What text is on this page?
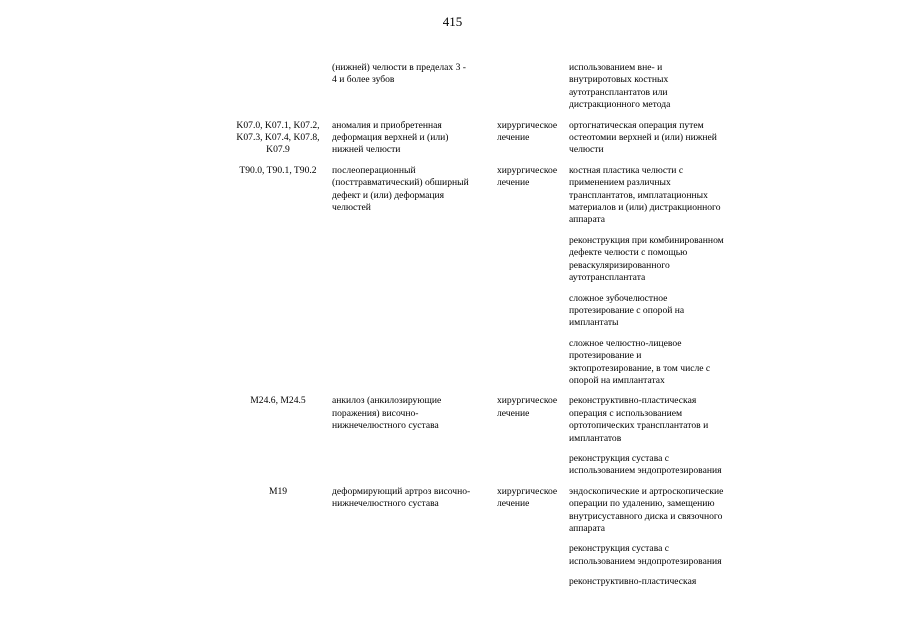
415

	(нижней) челюсти в пределах 3 -
4 и более зубов		использованием вне- и
внутриротовых костных
аутотрансплантатов или
дистракционного метода

K07.0, K07.1, K07.2,
K07.3, K07.4, K07.8,
K07.9	аномалия и приобретенная
деформация верхней и (или)
нижней челюсти	хирургическое
лечение	ортогнатическая операция путем
остеотомии верхней и (или) нижней
челюсти

T90.0, T90.1, T90.2	послеоперационный
(посттравматический) обширный
дефект и (или) деформация
челюстей	хирургическое
лечение	костная пластика челюсти с
применением различных
трансплантатов, имплатационных
материалов и (или) дистракционного
аппарата

			реконструкция при комбинированном
дефекте челюсти с помощью
реваскуляризированного
аутотрансплантата

			сложное зубочелюстное
протезирование с опорой на
имплантаты

			сложное челюстно-лицевое
протезирование и
эктопротезирование, в том числе с
опорой на имплантатах

M24.6, M24.5	анкилоз (анкилозирующие
поражения) височно-
нижнечелюстного сустава	хирургическое
лечение	реконструктивно-пластическая
операция с использованием
ортотопических трансплантатов и
имплантатов

			реконструкция сустава с
использованием эндопротезирования

M19	деформирующий артроз височно-
нижнечелюстного сустава	хирургическое
лечение	эндоскопические и артроскопические
операции по удалению, замещению
внутрисуставного диска и связочного
аппарата

			реконструкция сустава с
использованием эндопротезирования

			реконструктивно-пластическая
